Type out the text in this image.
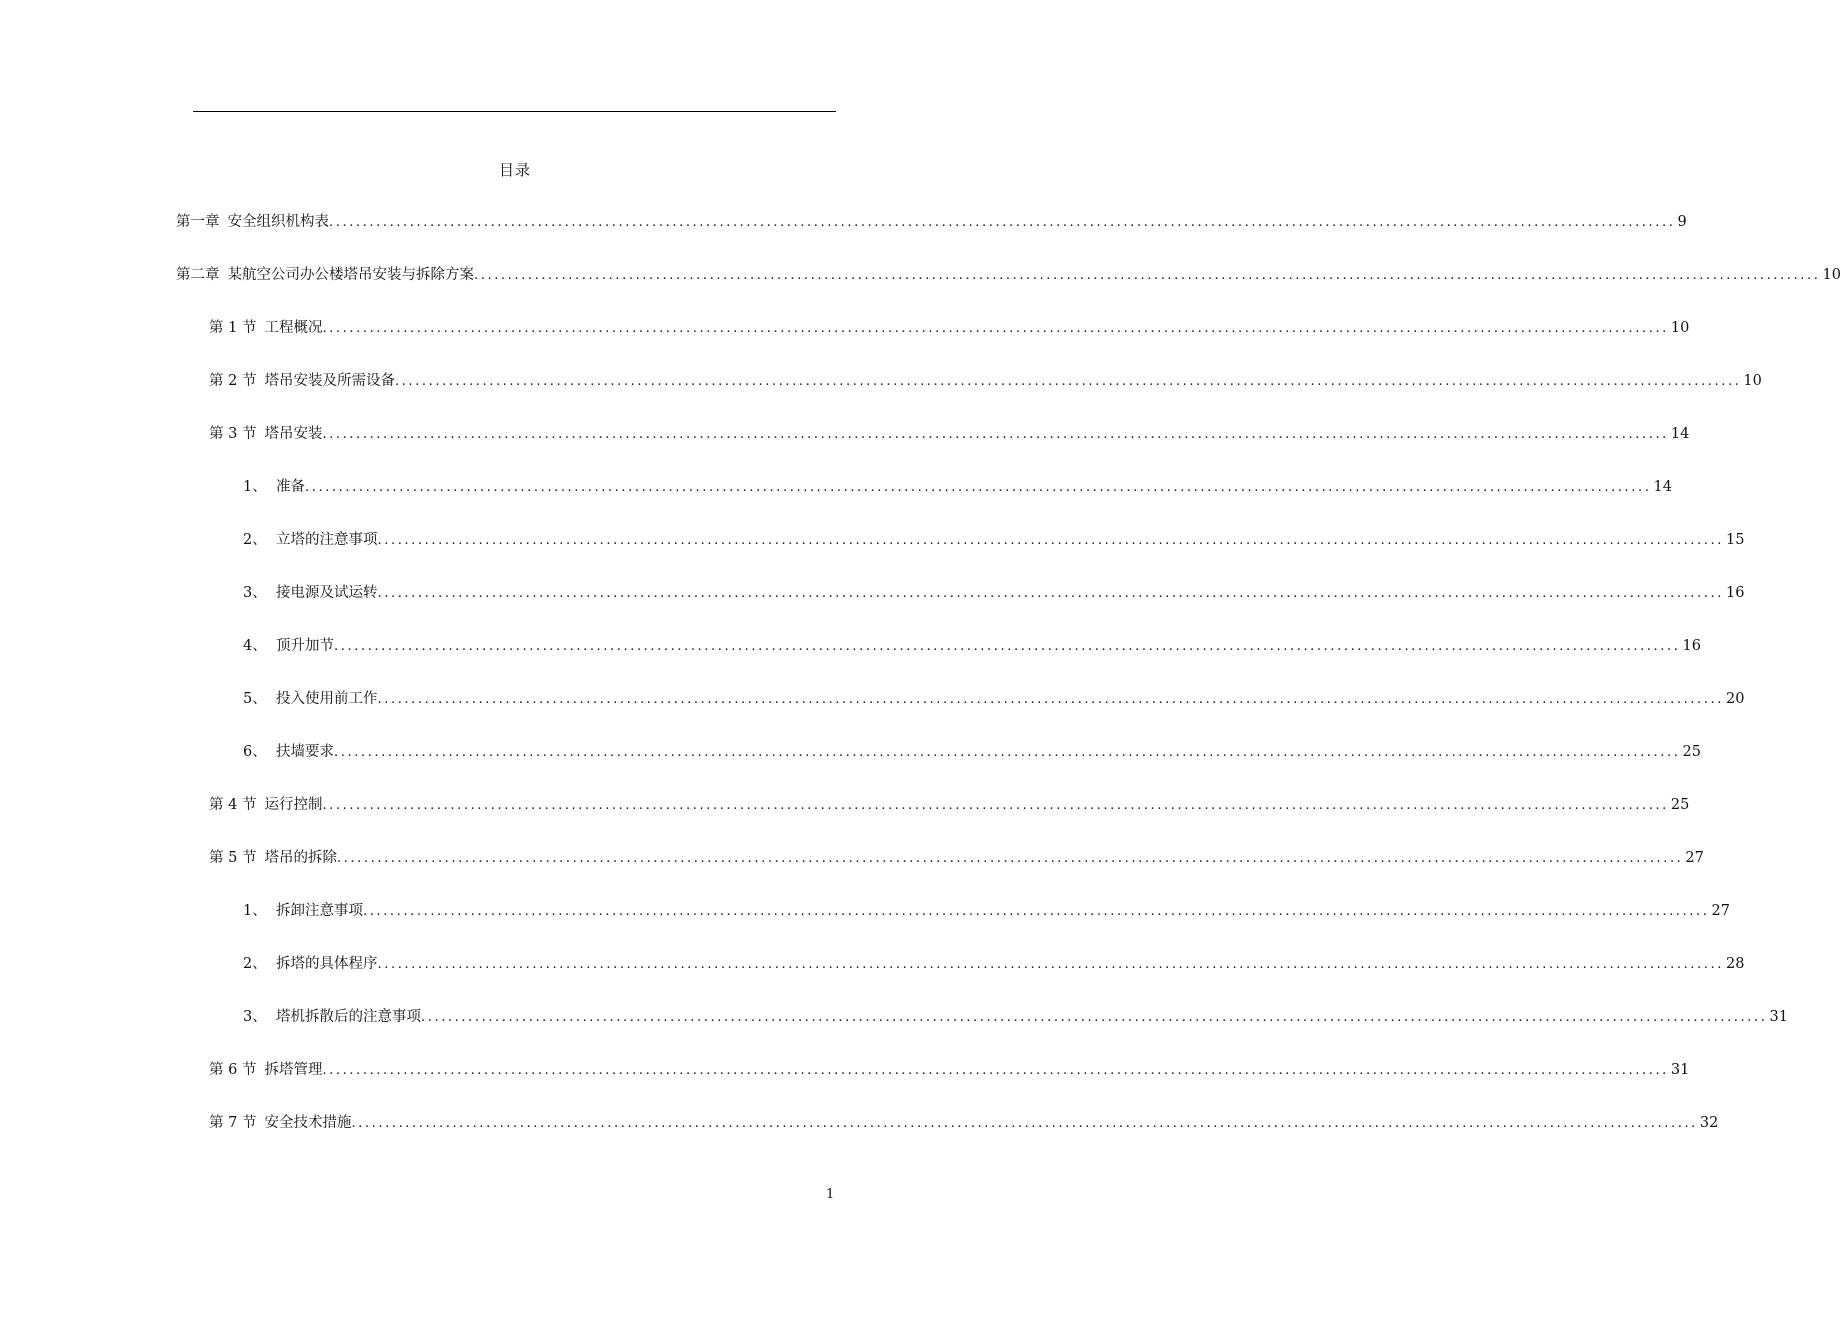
目录
第一章 安全组织机构表 ........................................................................................................................................................................................................ 9
第二章 某航空公司办公楼塔吊安装与拆除方案 ........................................................................................................................................................................................................ 10
第 1 节 工程概况 ........................................................................................................................................................................................................ 10
第 2 节 塔吊安装及所需设备 ........................................................................................................................................................................................................ 10
第 3 节 塔吊安装 ........................................................................................................................................................................................................ 14
1、 准备 ........................................................................................................................................................................................................ 14
2、 立塔的注意事项 ........................................................................................................................................................................................................ 15
3、 接电源及试运转 ........................................................................................................................................................................................................ 16
4、 顶升加节 ........................................................................................................................................................................................................ 16
5、 投入使用前工作 ........................................................................................................................................................................................................ 20
6、 扶墙要求 ........................................................................................................................................................................................................ 25
第 4 节 运行控制 ........................................................................................................................................................................................................ 25
第 5 节 塔吊的拆除 ........................................................................................................................................................................................................ 27
1、 拆卸注意事项 ........................................................................................................................................................................................................ 27
2、 拆塔的具体程序 ........................................................................................................................................................................................................ 28
3、 塔机拆散后的注意事项 ........................................................................................................................................................................................................ 31
第 6 节 拆塔管理 ........................................................................................................................................................................................................ 31
第 7 节 安全技术措施 ........................................................................................................................................................................................................ 32
1
